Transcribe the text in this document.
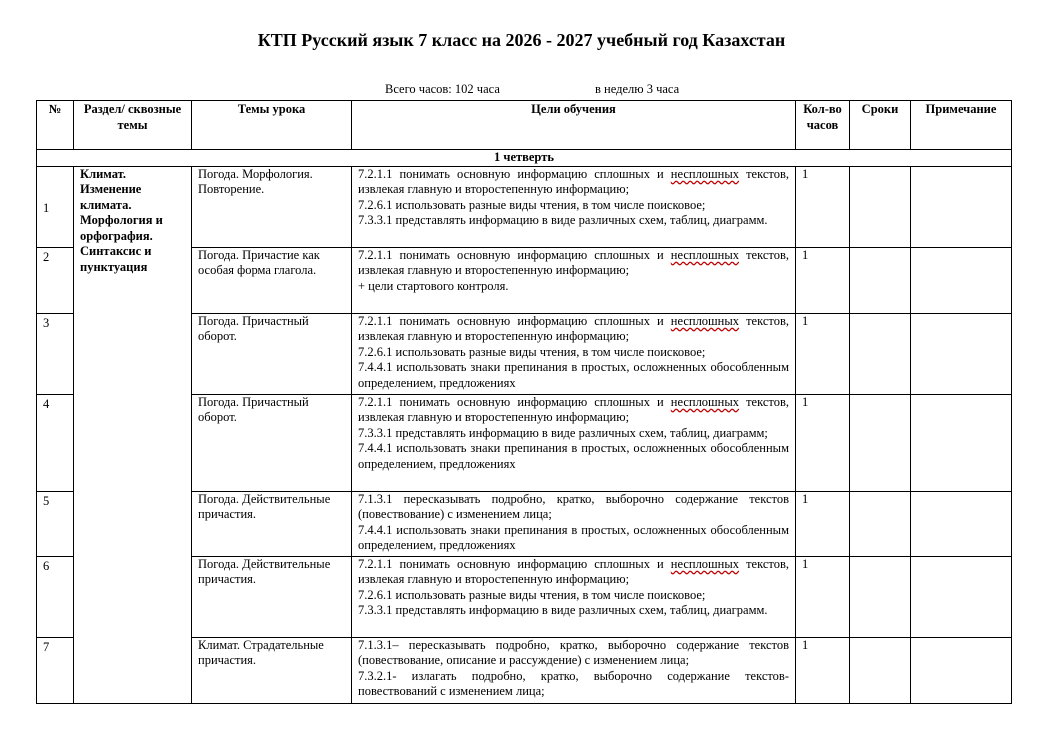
КТП Русский язык 7 класс на 2026 - 2027 учебный год Казахстан
Всего часов: 102 часа	в неделю 3 часа
№	Раздел/ сквозные темы	Темы урока	Цели обучения	Кол-во часов	Сроки	Примечание
1 четверть						

1	Климат. Изменение климата. Морфология и орфография. Синтаксис и пунктуация	Погода. Морфология. Повторение.	7.2.1.1 понимать основную информацию сплошных и несплошных текстов, извлекая главную и второстепенную информацию;
7.2.6.1 использовать разные виды чтения, в том числе поисковое;
7.3.3.1 представлять информацию в виде различных схем, таблиц, диаграмм.	1		

2		Погода. Причастие как особая форма глагола.	7.2.1.1 понимать основную информацию сплошных и несплошных текстов, извлекая главную и второстепенную информацию;
+ цели стартового контроля.	1		

3		Погода. Причастный оборот.	7.2.1.1 понимать основную информацию сплошных и несплошных текстов, извлекая главную и второстепенную информацию;
7.2.6.1 использовать разные виды чтения, в том числе поисковое;
7.4.4.1 использовать знаки препинания в простых, осложненных обособленным определением, предложениях	1		

4		Погода. Причастный оборот.	7.2.1.1 понимать основную информацию сплошных и несплошных текстов, извлекая главную и второстепенную информацию;
7.3.3.1 представлять информацию в виде различных схем, таблиц, диаграмм;
7.4.4.1 использовать знаки препинания в простых, осложненных обособленным определением, предложениях	1		

5		Погода. Действительные причастия.	7.1.3.1 пересказывать подробно, кратко, выборочно содержание текстов (повествование) с изменением лица;
7.4.4.1 использовать знаки препинания в простых, осложненных обособленным определением, предложениях	1		

6		Погода. Действительные причастия.	7.2.1.1 понимать основную информацию сплошных и несплошных текстов, извлекая главную и второстепенную информацию;
7.2.6.1 использовать разные виды чтения, в том числе поисковое;
7.3.3.1 представлять информацию в виде различных схем, таблиц, диаграмм.	1		

7		Климат. Страдательные причастия.	7.1.3.1– пересказывать подробно, кратко, выборочно содержание текстов (повествование, описание и рассуждение) с изменением лица;
7.3.2.1- излагать подробно, кратко, выборочно содержание текстов-повествований с изменением лица;	1		
